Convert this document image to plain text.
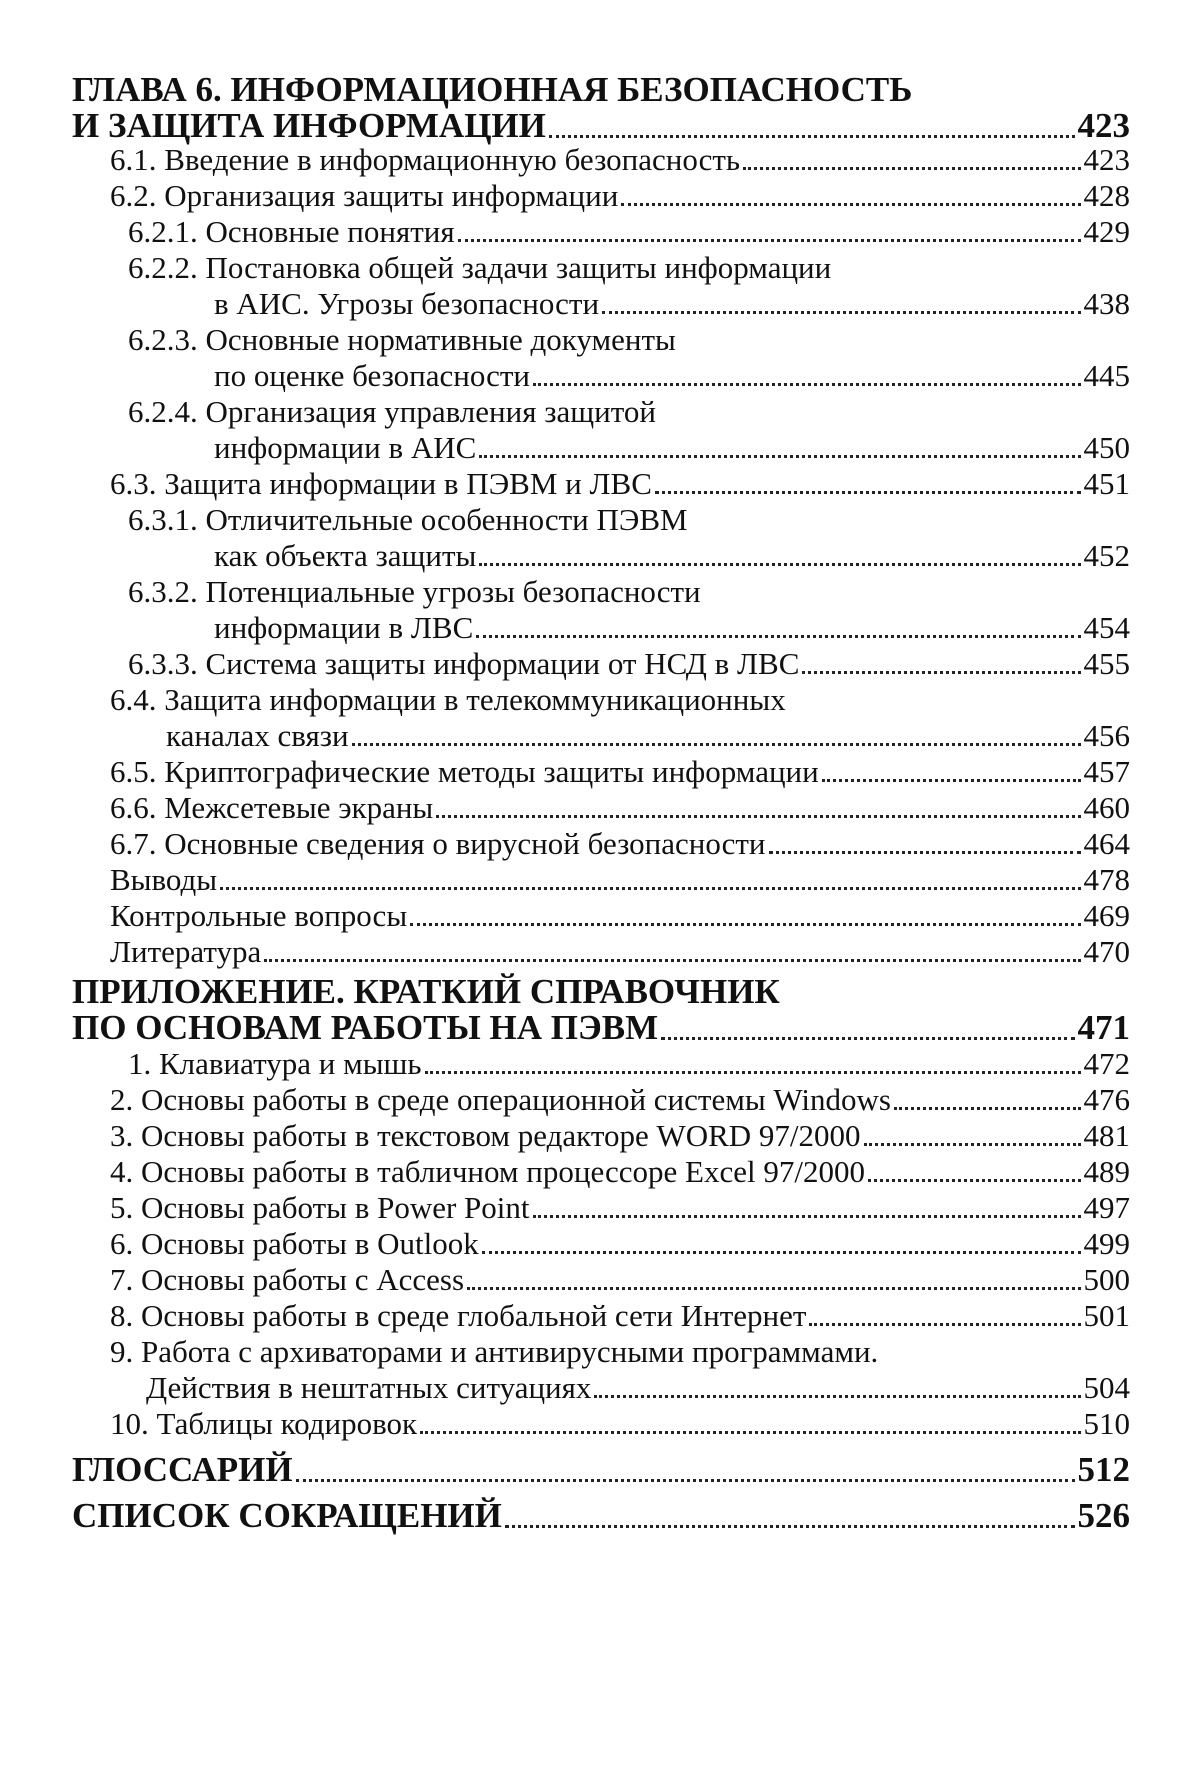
ГЛАВА 6. ИНФОРМАЦИОННАЯ БЕЗОПАСНОСТЬ
И ЗАЩИТА ИНФОРМАЦИИ	423
6.1. Введение в информационную безопасность	423
6.2. Организация защиты информации	428
6.2.1. Основные понятия	429
6.2.2. Постановка общей задачи защиты информации
в АИС. Угрозы безопасности	438
6.2.3. Основные нормативные документы
по оценке безопасности	445
6.2.4. Организация управления защитой
информации в АИС	450
6.3. Защита информации в ПЭВМ и ЛВС	451
6.3.1. Отличительные особенности ПЭВМ
как объекта защиты	452
6.3.2. Потенциальные угрозы безопасности
информации в ЛВС	454
6.3.3. Система защиты информации от НСД в ЛВС	455
6.4. Защита информации в телекоммуникационных
каналах связи	456
6.5. Криптографические методы защиты информации	457
6.6. Межсетевые экраны	460
6.7. Основные сведения о вирусной безопасности	464
Выводы	478
Контрольные вопросы	469
Литература	470
ПРИЛОЖЕНИЕ. КРАТКИЙ СПРАВОЧНИК
ПО ОСНОВАМ РАБОТЫ НА ПЭВМ	471
1. Клавиатура и мышь	472
2. Основы работы в среде операционной системы Windows	476
3. Основы работы в текстовом редакторе WORD 97/2000	481
4. Основы работы в табличном процессоре Excel 97/2000	489
5. Основы работы в Power Point	497
6. Основы работы в Outlook	499
7. Основы работы с Access	500
8. Основы работы в среде глобальной сети Интернет	501
9. Работа с архиваторами и антивирусными программами.
Действия в нештатных ситуациях	504
10. Таблицы кодировок	510
ГЛОССАРИЙ	512
СПИСОК СОКРАЩЕНИЙ	526
